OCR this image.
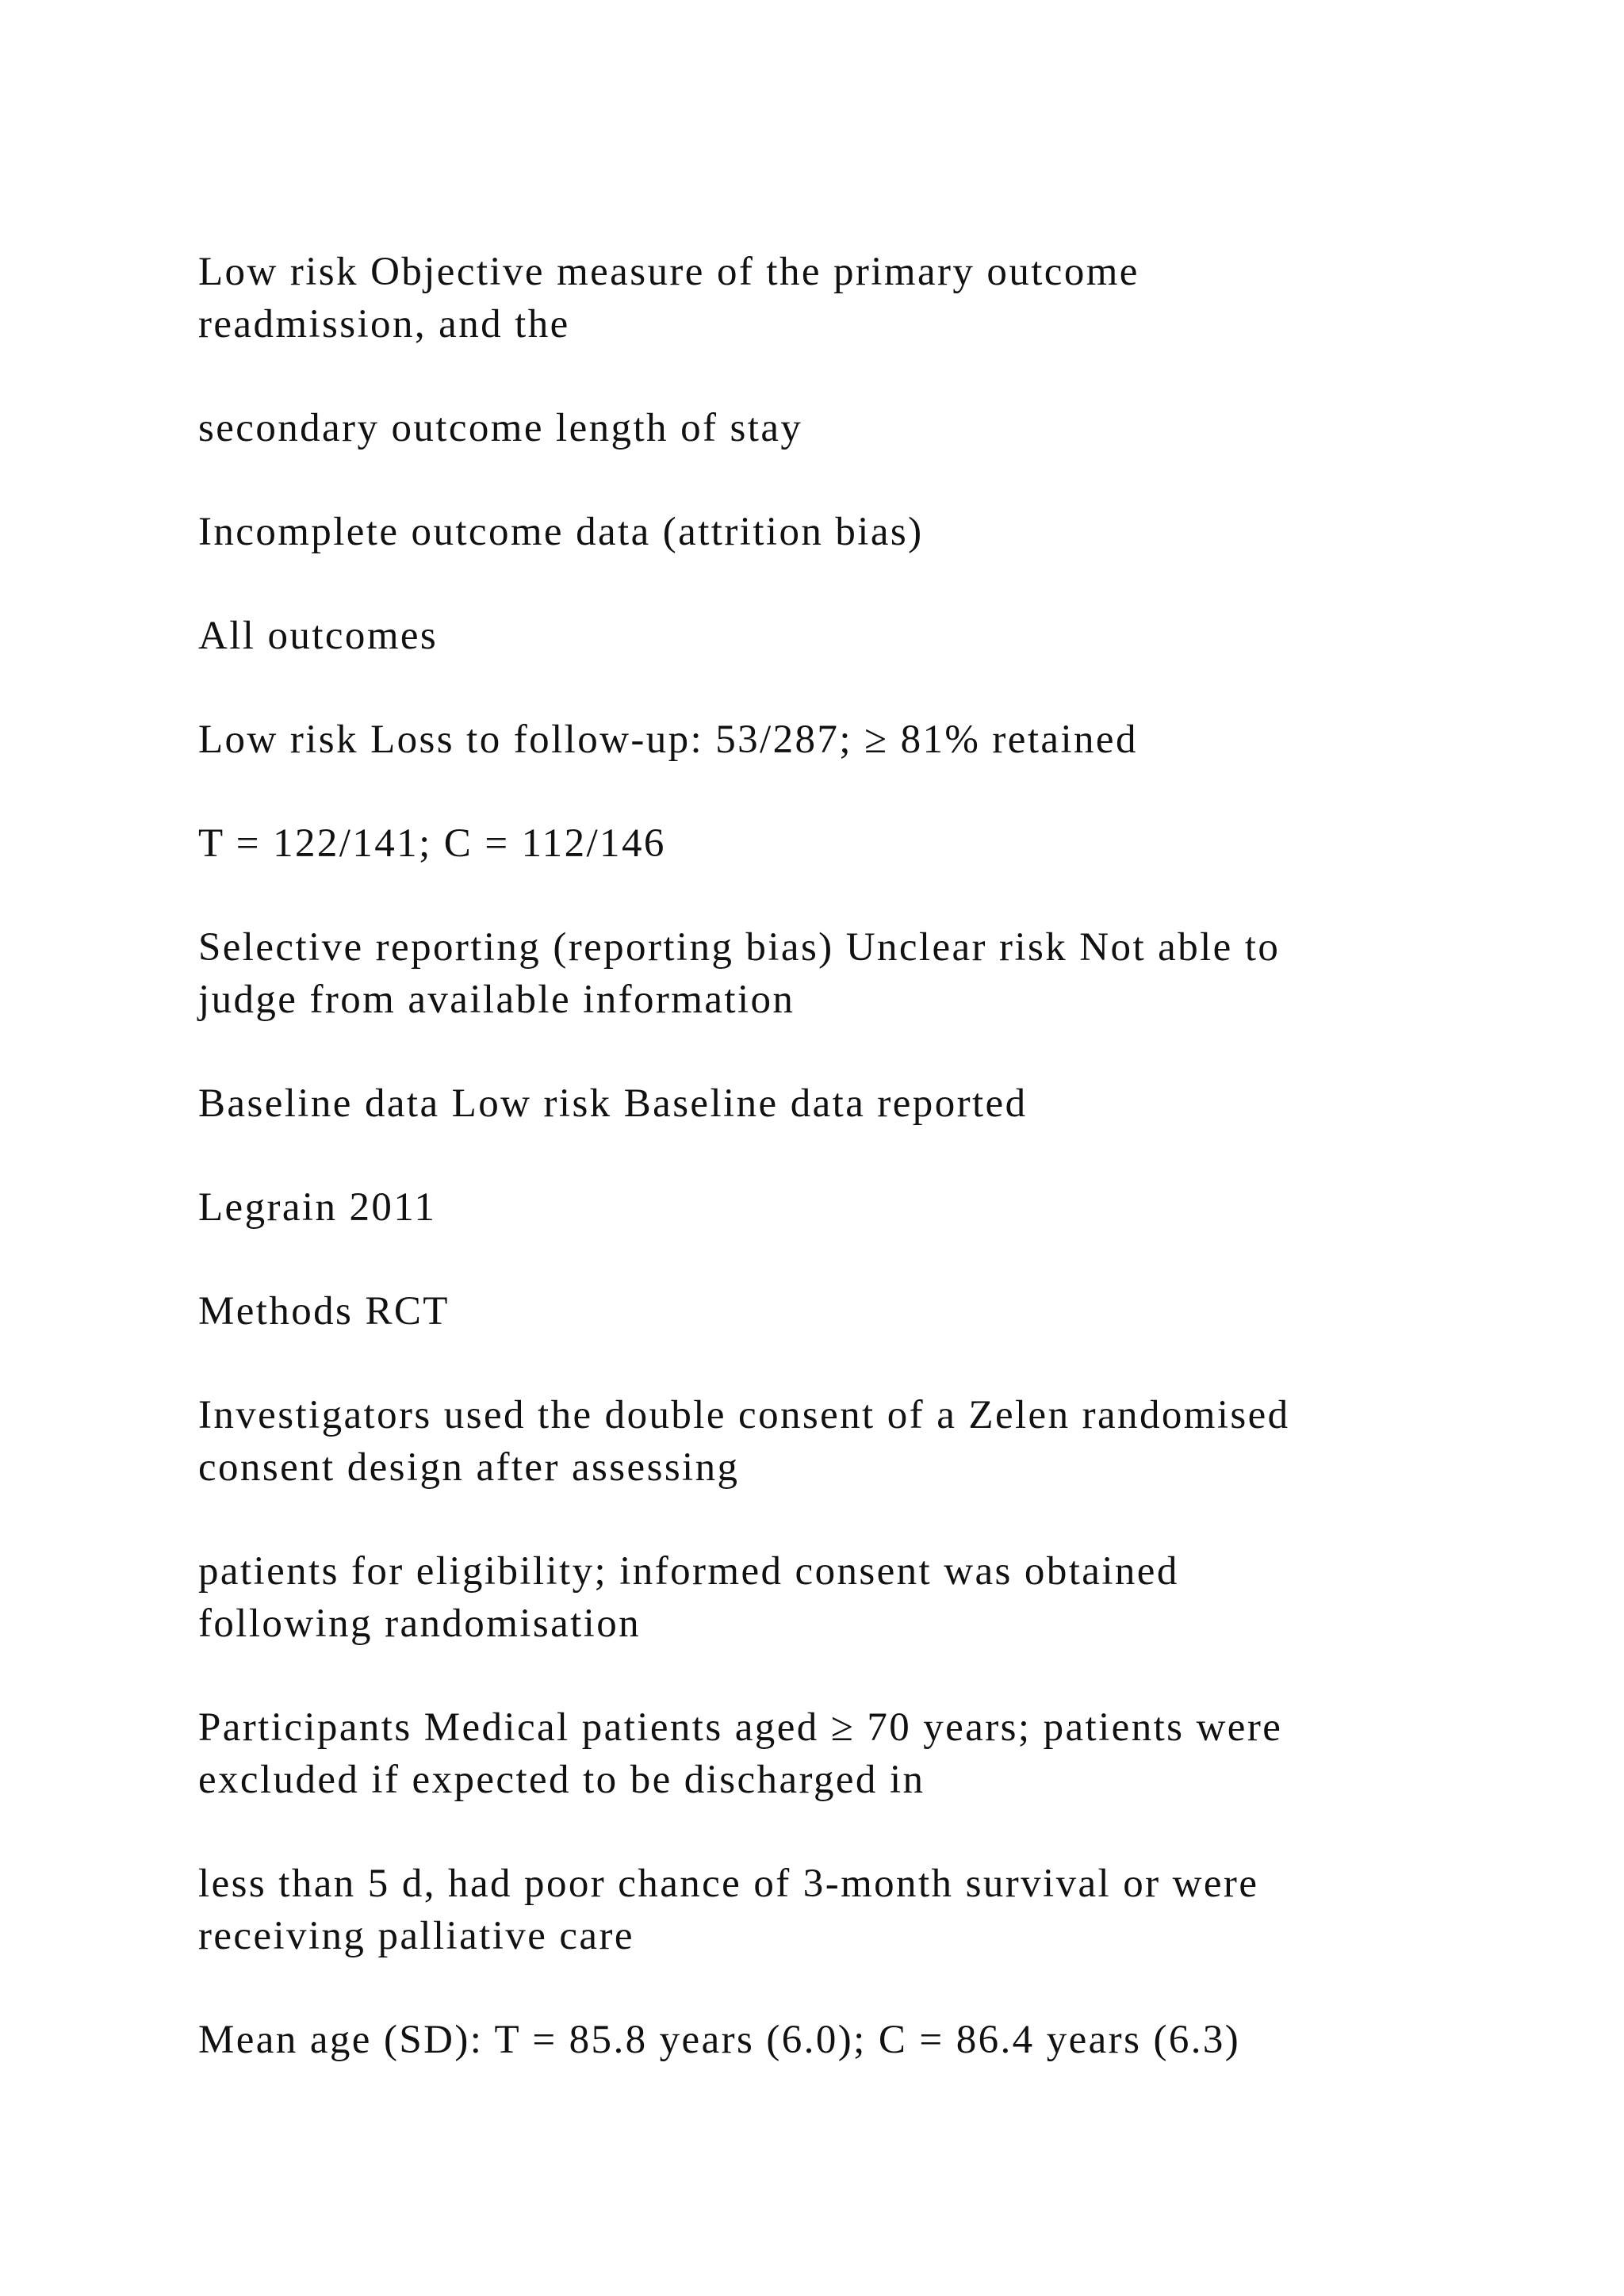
Low risk Objective measure of the primary outcome
readmission, and the

secondary outcome length of stay

Incomplete outcome data (attrition bias)

All outcomes

Low risk Loss to follow-up: 53/287; ≥ 81% retained

T = 122/141; C = 112/146

Selective reporting (reporting bias) Unclear risk Not able to
judge from available information

Baseline data Low risk Baseline data reported

Legrain 2011

Methods RCT

Investigators used the double consent of a Zelen randomised
consent design after assessing

patients for eligibility; informed consent was obtained
following randomisation

Participants Medical patients aged ≥ 70 years; patients were
excluded if expected to be discharged in

less than 5 d, had poor chance of 3-month survival or were
receiving palliative care

Mean age (SD): T = 85.8 years (6.0); C = 86.4 years (6.3)
